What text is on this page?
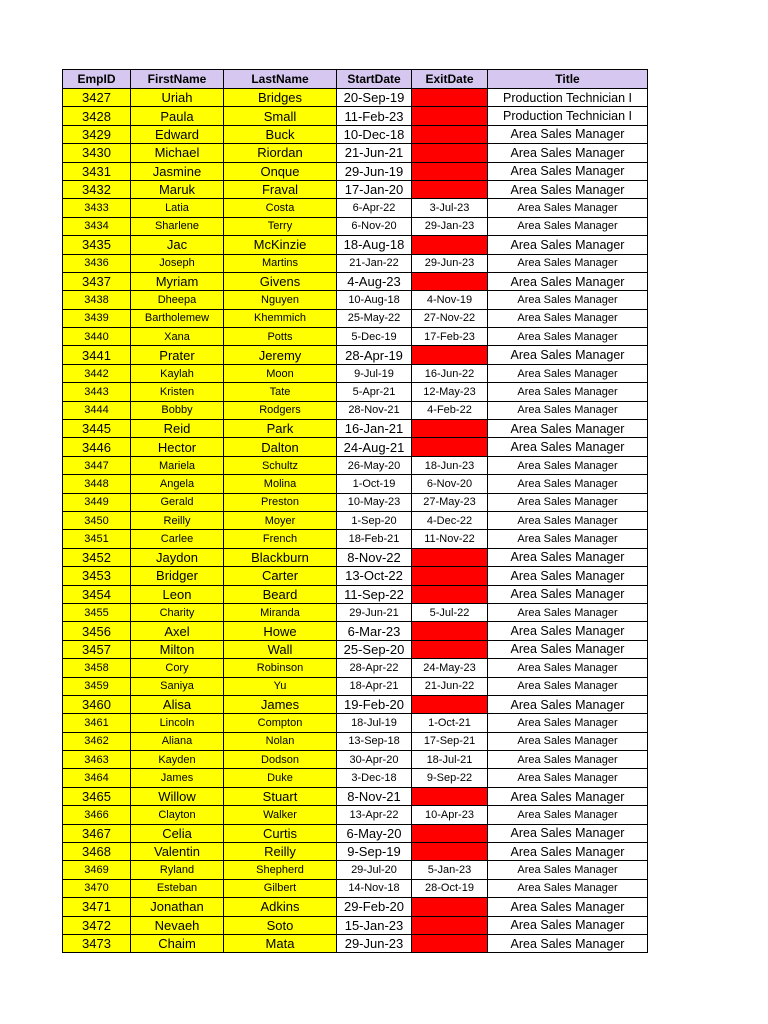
EmpID	FirstName	LastName	StartDate	ExitDate	Title
3427	Uriah	Bridges	20-Sep-19		Production Technician I
3428	Paula	Small	11-Feb-23		Production Technician I
3429	Edward	Buck	10-Dec-18		Area Sales Manager
3430	Michael	Riordan	21-Jun-21		Area Sales Manager
3431	Jasmine	Onque	29-Jun-19		Area Sales Manager
3432	Maruk	Fraval	17-Jan-20		Area Sales Manager
3433	Latia	Costa	6-Apr-22	3-Jul-23	Area Sales Manager
3434	Sharlene	Terry	6-Nov-20	29-Jan-23	Area Sales Manager
3435	Jac	McKinzie	18-Aug-18		Area Sales Manager
3436	Joseph	Martins	21-Jan-22	29-Jun-23	Area Sales Manager
3437	Myriam	Givens	4-Aug-23		Area Sales Manager
3438	Dheepa	Nguyen	10-Aug-18	4-Nov-19	Area Sales Manager
3439	Bartholemew	Khemmich	25-May-22	27-Nov-22	Area Sales Manager
3440	Xana	Potts	5-Dec-19	17-Feb-23	Area Sales Manager
3441	Prater	Jeremy	28-Apr-19		Area Sales Manager
3442	Kaylah	Moon	9-Jul-19	16-Jun-22	Area Sales Manager
3443	Kristen	Tate	5-Apr-21	12-May-23	Area Sales Manager
3444	Bobby	Rodgers	28-Nov-21	4-Feb-22	Area Sales Manager
3445	Reid	Park	16-Jan-21		Area Sales Manager
3446	Hector	Dalton	24-Aug-21		Area Sales Manager
3447	Mariela	Schultz	26-May-20	18-Jun-23	Area Sales Manager
3448	Angela	Molina	1-Oct-19	6-Nov-20	Area Sales Manager
3449	Gerald	Preston	10-May-23	27-May-23	Area Sales Manager
3450	Reilly	Moyer	1-Sep-20	4-Dec-22	Area Sales Manager
3451	Carlee	French	18-Feb-21	11-Nov-22	Area Sales Manager
3452	Jaydon	Blackburn	8-Nov-22		Area Sales Manager
3453	Bridger	Carter	13-Oct-22		Area Sales Manager
3454	Leon	Beard	11-Sep-22		Area Sales Manager
3455	Charity	Miranda	29-Jun-21	5-Jul-22	Area Sales Manager
3456	Axel	Howe	6-Mar-23		Area Sales Manager
3457	Milton	Wall	25-Sep-20		Area Sales Manager
3458	Cory	Robinson	28-Apr-22	24-May-23	Area Sales Manager
3459	Saniya	Yu	18-Apr-21	21-Jun-22	Area Sales Manager
3460	Alisa	James	19-Feb-20		Area Sales Manager
3461	Lincoln	Compton	18-Jul-19	1-Oct-21	Area Sales Manager
3462	Aliana	Nolan	13-Sep-18	17-Sep-21	Area Sales Manager
3463	Kayden	Dodson	30-Apr-20	18-Jul-21	Area Sales Manager
3464	James	Duke	3-Dec-18	9-Sep-22	Area Sales Manager
3465	Willow	Stuart	8-Nov-21		Area Sales Manager
3466	Clayton	Walker	13-Apr-22	10-Apr-23	Area Sales Manager
3467	Celia	Curtis	6-May-20		Area Sales Manager
3468	Valentin	Reilly	9-Sep-19		Area Sales Manager
3469	Ryland	Shepherd	29-Jul-20	5-Jan-23	Area Sales Manager
3470	Esteban	Gilbert	14-Nov-18	28-Oct-19	Area Sales Manager
3471	Jonathan	Adkins	29-Feb-20		Area Sales Manager
3472	Nevaeh	Soto	15-Jan-23		Area Sales Manager
3473	Chaim	Mata	29-Jun-23		Area Sales Manager
